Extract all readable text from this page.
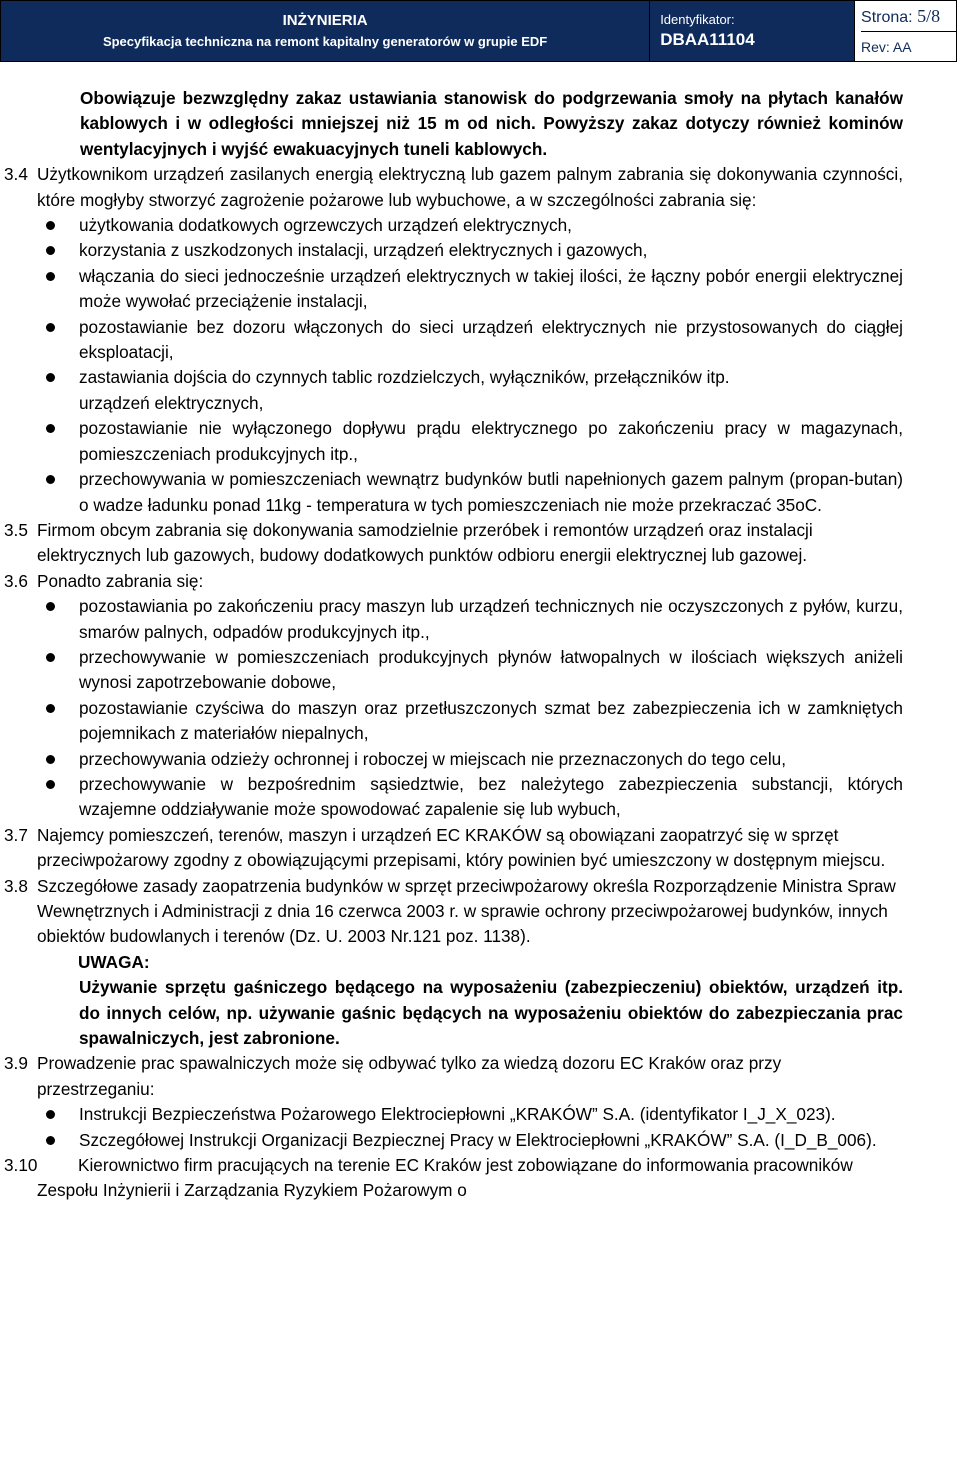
INŻYNIERIA
Specyfikacja techniczna na remont kapitalny generatorów w grupie EDF

Identyfikator:
DBAA11104

Strona: 5/8
Rev: AA
Obowiązuje bezwzględny zakaz ustawiania stanowisk do podgrzewania smoły na płytach kanałów kablowych i w odległości mniejszej niż 15 m od nich. Powyższy zakaz dotyczy również kominów wentylacyjnych i wyjść ewakuacyjnych tuneli kablowych.
3.4 Użytkownikom urządzeń zasilanych energią elektryczną lub gazem palnym zabrania się dokonywania czynności, które mogłyby stworzyć zagrożenie pożarowe lub wybuchowe, a w szczególności zabrania się:
użytkowania dodatkowych ogrzewczych urządzeń elektrycznych,
korzystania z uszkodzonych instalacji, urządzeń elektrycznych i gazowych,
włączania do sieci jednocześnie urządzeń elektrycznych w takiej ilości, że łączny pobór energii elektrycznej może wywołać przeciążenie instalacji,
pozostawianie bez dozoru włączonych do sieci urządzeń elektrycznych nie przystosowanych do ciągłej eksploatacji,
zastawiania dojścia do czynnych tablic rozdzielczych, wyłączników, przełączników itp.
urządzeń elektrycznych,
pozostawianie nie wyłączonego dopływu prądu elektrycznego po zakończeniu pracy w magazynach, pomieszczeniach produkcyjnych itp.,
przechowywania w pomieszczeniach wewnątrz budynków butli napełnionych gazem palnym (propan-butan) o wadze ładunku ponad 11kg - temperatura w tych pomieszczeniach nie może przekraczać 35oC.
3.5 Firmom obcym zabrania się dokonywania samodzielnie przeróbek i remontów urządzeń oraz instalacji elektrycznych lub gazowych, budowy dodatkowych punktów odbioru energii elektrycznej lub gazowej.
3.6 Ponadto zabrania się:
pozostawiania po zakończeniu pracy maszyn lub urządzeń technicznych nie oczyszczonych z pyłów, kurzu, smarów palnych, odpadów produkcyjnych itp.,
przechowywanie w pomieszczeniach produkcyjnych płynów łatwopalnych w ilościach większych aniżeli wynosi zapotrzebowanie dobowe,
pozostawianie czyściwa do maszyn oraz przetłuszczonych szmat bez zabezpieczenia ich w zamkniętych pojemnikach z materiałów niepalnych,
przechowywania odzieży ochronnej i roboczej w miejscach nie przeznaczonych do tego celu,
przechowywanie w bezpośrednim sąsiedztwie, bez należytego zabezpieczenia substancji, których wzajemne oddziaływanie może spowodować zapalenie się lub wybuch,
3.7 Najemcy pomieszczeń, terenów, maszyn i urządzeń EC KRAKÓW są obowiązani zaopatrzyć się w sprzęt przeciwpożarowy zgodny z obowiązującymi przepisami, który powinien być umieszczony w dostępnym miejscu.
3.8 Szczegółowe zasady zaopatrzenia budynków w sprzęt przeciwpożarowy określa Rozporządzenie Ministra Spraw Wewnętrznych i Administracji z dnia 16 czerwca 2003 r. w sprawie ochrony przeciwpożarowej budynków, innych obiektów budowlanych i terenów (Dz. U. 2003 Nr.121 poz. 1138).
UWAGA:
Używanie sprzętu gaśniczego będącego na wyposażeniu (zabezpieczeniu) obiektów, urządzeń itp. do innych celów, np. używanie gaśnic będących na wyposażeniu obiektów do zabezpieczania prac spawalniczych, jest zabronione.
3.9 Prowadzenie prac spawalniczych może się odbywać tylko za wiedzą dozoru EC Kraków oraz przy przestrzeganiu:
Instrukcji Bezpieczeństwa Pożarowego Elektrociepłowni „KRAKÓW” S.A. (identyfikator I_J_X_023).
Szczegółowej Instrukcji Organizacji Bezpiecznej Pracy w Elektrociepłowni „KRAKÓW” S.A. (I_D_B_006).
3.10	Kierownictwo firm pracujących na terenie EC Kraków jest zobowiązane do informowania pracowników Zespołu Inżynierii i Zarządzania Ryzykiem Pożarowym o
